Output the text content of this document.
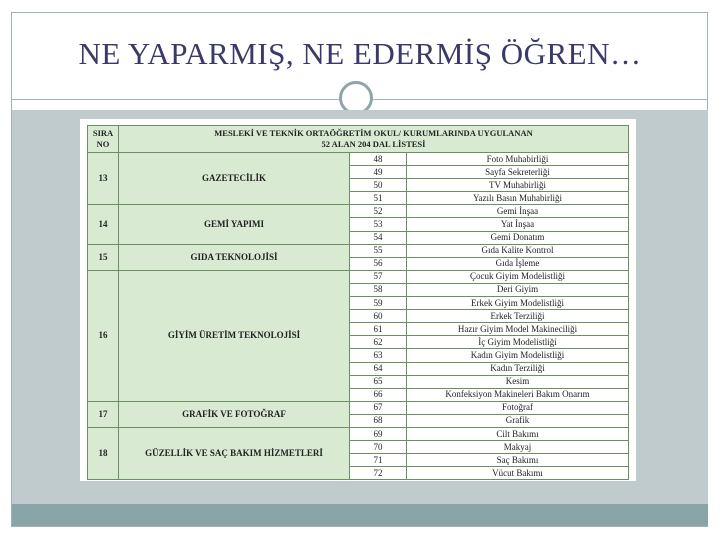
NE YAPARMIŞ, NE EDERMİŞ ÖĞREN…
SIRA NO	MESLEKİ VE TEKNİK ORTAÖĞRETİM OKUL/ KURUMLARINDA UYGULANAN
52 ALAN 204 DAL LİSTESİ		

13	GAZETECİLİK	48	Foto Muhabirliği
		49	Sayfa Sekreterliği
		50	TV Muhabirliği
		51	Yazılı Basın Muhabirliği
14	GEMİ YAPIMI	52	Gemi İnşaa
		53	Yat İnşaa
		54	Gemi Donatım
15	GIDA TEKNOLOJİSİ	55	Gıda Kalite Kontrol
		56	Gıda İşleme
16	GİYİM ÜRETİM TEKNOLOJİSİ	57	Çocuk Giyim Modelistliği
		58	Deri Giyim
		59	Erkek Giyim Modelistliği
		60	Erkek Terziliği
		61	Hazır Giyim Model Makineciliği
		62	İç Giyim Modelistliği
		63	Kadın Giyim Modelistliği
		64	Kadın Terziliği
		65	Kesim
		66	Konfeksiyon Makineleri Bakım Onarım
17	GRAFİK VE FOTOĞRAF	67	Fotoğraf
		68	Grafik
18	GÜZELLİK VE SAÇ BAKIM HİZMETLERİ	69	Cilt Bakımı
		70	Makyaj
		71	Saç Bakımı
		72	Vücut Bakımı
